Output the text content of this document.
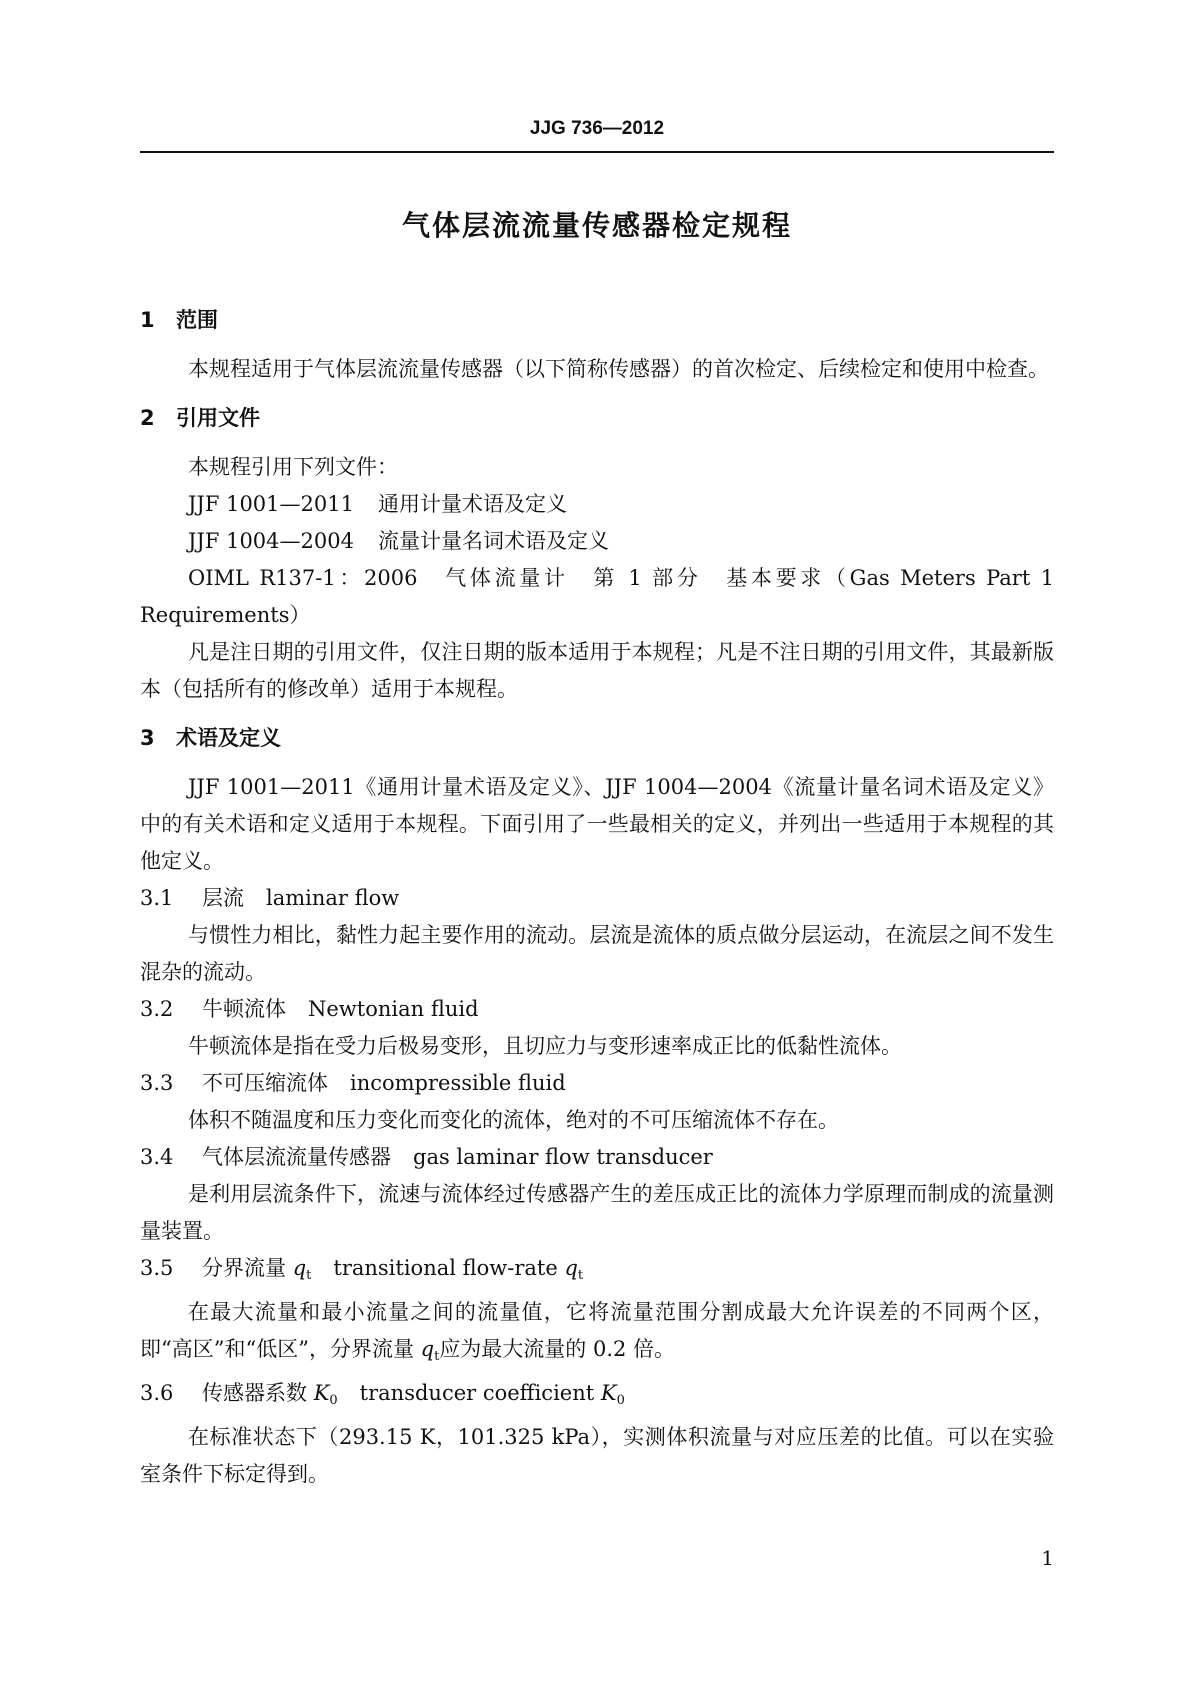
JJG 736—2012
气体层流流量传感器检定规程
1 范围

本规程适用于气体层流流量传感器（以下简称传感器）的首次检定、后续检定和使用中检查。

2 引用文件

本规程引用下列文件：

JJF 1001—2011 通用计量术语及定义

JJF 1004—2004 流量计量名词术语及定义

OIML R137-1：2006 气体流量计　第 1 部分　基本要求（Gas Meters Part 1 Requirements）

凡是注日期的引用文件，仅注日期的版本适用于本规程；凡是不注日期的引用文件，其最新版本（包括所有的修改单）适用于本规程。

3 术语及定义

JJF 1001—2011《通用计量术语及定义》、JJF 1004—2004《流量计量名词术语及定义》中的有关术语和定义适用于本规程。下面引用了一些最相关的定义，并列出一些适用于本规程的其他定义。

3.1 层流 laminar flow

与惯性力相比，黏性力起主要作用的流动。层流是流体的质点做分层运动，在流层之间不发生混杂的流动。

3.2 牛顿流体 Newtonian fluid

牛顿流体是指在受力后极易变形，且切应力与变形速率成正比的低黏性流体。

3.3 不可压缩流体 incompressible fluid

体积不随温度和压力变化而变化的流体，绝对的不可压缩流体不存在。

3.4 气体层流流量传感器 gas laminar flow transducer

是利用层流条件下，流速与流体经过传感器产生的差压成正比的流体力学原理而制成的流量测量装置。

3.5 分界流量 $q_t$ transitional flow-rate $q_t$

在最大流量和最小流量之间的流量值，它将流量范围分割成最大允许误差的不同两个区，即“高区”和“低区”，分界流量 $q_t$应为最大流量的 0.2 倍。

3.6 传感器系数 $K_0$ transducer coefficient $K_0$

在标准状态下（293.15 K，101.325 kPa），实测体积流量与对应压差的比值。可以在实验室条件下标定得到。

1
